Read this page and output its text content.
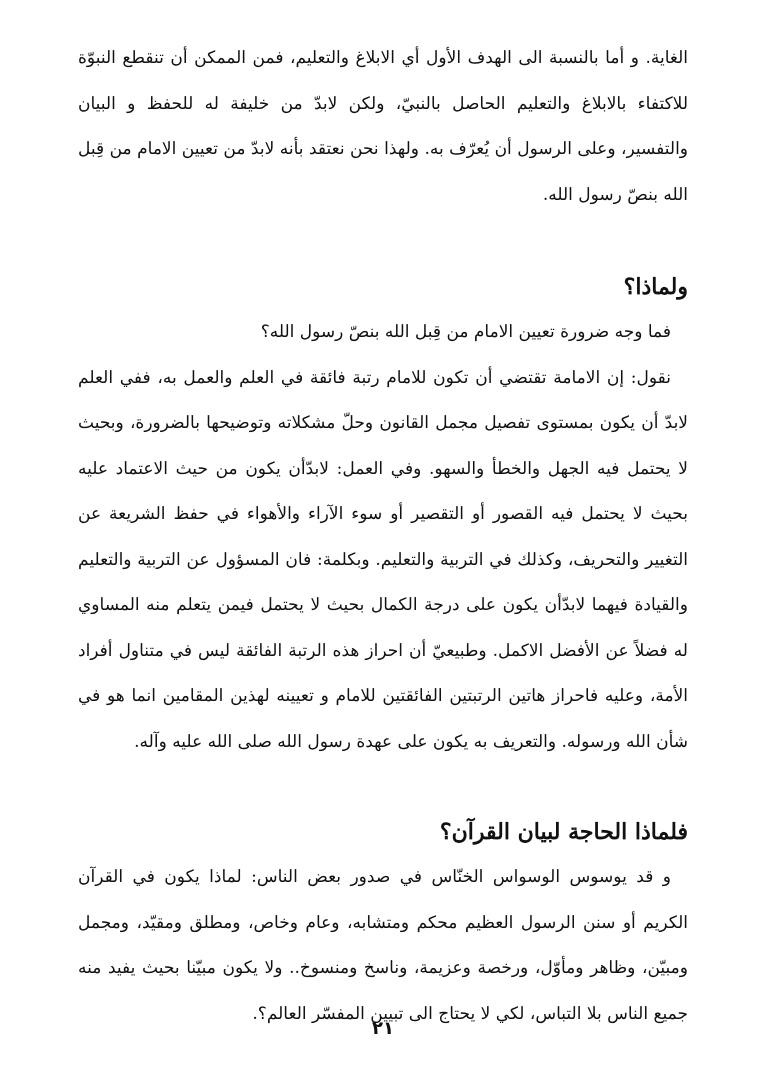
الغاية. و أما بالنسبة الى الهدف الأول أي الابلاغ والتعليم، فمن الممكن أن تنقطع النبوّة للاكتفاء بالابلاغ والتعليم الحاصل بالنبيّ، ولكن لابدّ من خليفة له للحفظ و البيان والتفسير، وعلى الرسول أن يُعرّف به. ولهذا نحن نعتقد بأنه لابدّ من تعيين الامام من قِبل الله بنصّ رسول الله.

ولماذا؟

فما وجه ضرورة تعيين الامام من قِبل الله بنصّ رسول الله؟

نقول: إن الامامة تقتضي أن تكون للامام رتبة فائقة في العلم والعمل به، ففي العلم لابدّ أن يكون بمستوى تفصيل مجمل القانون وحلّ مشكلاته وتوضيحها بالضرورة، وبحيث لا يحتمل فيه الجهل والخطأ والسهو. وفي العمل: لابدّأن يكون من حيث الاعتماد عليه بحيث لا يحتمل فيه القصور أو التقصير أو سوء الآراء والأهواء في حفظ الشريعة عن التغيير والتحريف، وكذلك في التربية والتعليم. وبكلمة: فان المسؤول عن التربية والتعليم والقيادة فيهما لابدّأن يكون على درجة الكمال بحيث لا يحتمل فيمن يتعلم منه المساوي له فضلاً عن الأفضل الاكمل. وطبيعيّ أن احراز هذه الرتبة الفائقة ليس في متناول أفراد الأمة، وعليه فاحراز هاتين الرتبتين الفائقتين للامام و تعيينه لهذين المقامين انما هو في شأن الله ورسوله. والتعريف به يكون على عهدة رسول الله صلى الله عليه وآله.

فلماذا الحاجة لبيان القرآن؟

و قد يوسوس الوسواس الخنّاس في صدور بعض الناس: لماذا يكون في القرآن الكريم أو سنن الرسول العظيم محكم ومتشابه، وعام وخاص، ومطلق ومقيّد، ومجمل ومبيّن، وظاهر ومأوّل، ورخصة وعزيمة، وناسخ ومنسوخ.. ولا يكون مبيّنا بحيث يفيد منه جميع الناس بلا التباس، لكي لا يحتاج الى تبيين المفسّر العالم؟.

٢١
